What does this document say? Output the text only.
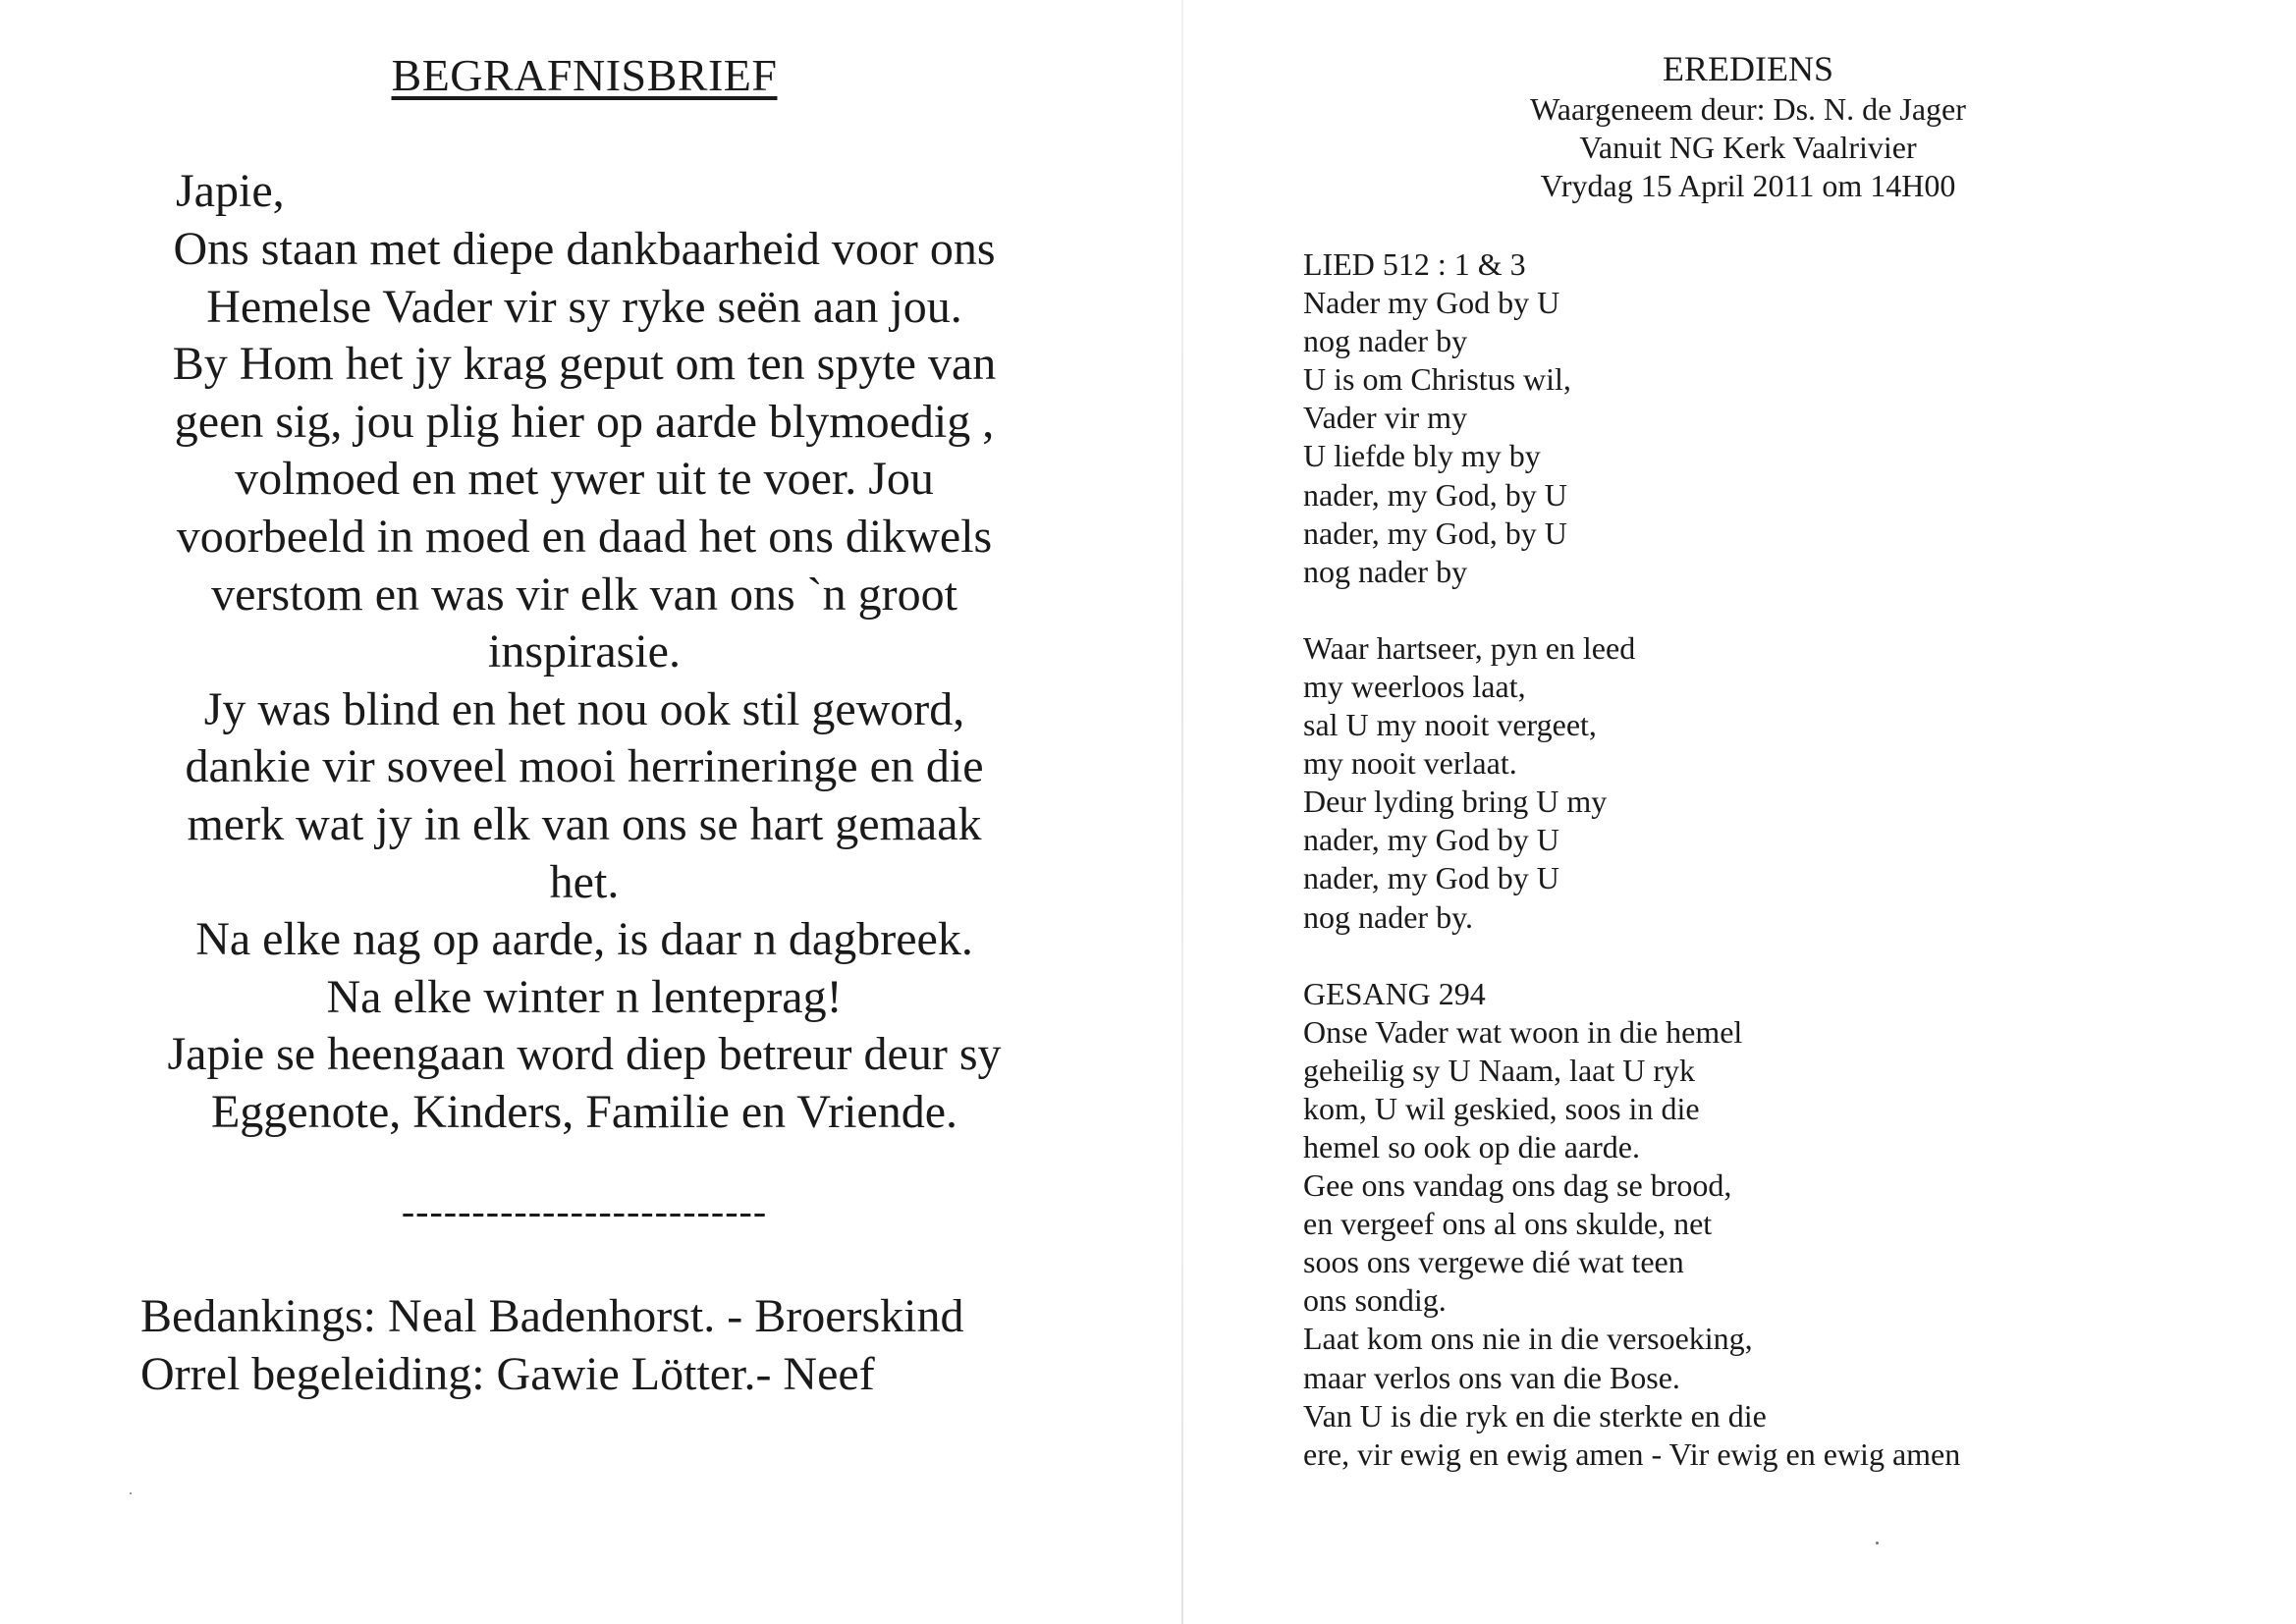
BEGRAFNISBRIEF
Japie,
Ons staan met diepe dankbaarheid voor ons
Hemelse Vader vir sy ryke seën aan jou.
By Hom het jy krag geput om ten spyte van
geen sig, jou plig hier op aarde blymoedig ,
volmoed en met ywer uit te voer. Jou
voorbeeld in moed en daad het ons dikwels
verstom en was vir elk van ons `n groot
inspirasie.
Jy was blind en het nou ook stil geword,
dankie vir soveel mooi herrineringe en die
merk wat jy in elk van ons se hart gemaak
het.
Na elke nag op aarde, is daar n dagbreek.
Na elke winter n lenteprag!
Japie se heengaan word diep betreur deur sy
Eggenote, Kinders, Familie en Vriende.
--------------------------
Bedankings: Neal Badenhorst. - Broerskind
Orrel begeleiding: Gawie Lötter.- Neef
EREDIENS
Waargeneem deur: Ds. N. de Jager
Vanuit NG Kerk Vaalrivier
Vrydag 15 April 2011 om 14H00
LIED 512 : 1 & 3
Nader my God by U
nog nader by
U is om Christus wil,
Vader vir my
U liefde bly my by
nader, my God, by U
nader, my God, by U
nog nader by
Waar hartseer, pyn en leed
my weerloos laat,
sal U my nooit vergeet,
my nooit verlaat.
Deur lyding bring U my
nader, my God by U
nader, my God by U
nog nader by.
GESANG 294
Onse Vader wat woon in die hemel
geheilig sy U Naam, laat U ryk
kom, U wil geskied, soos in die
hemel so ook op die aarde.
Gee ons vandag ons dag se brood,
en vergeef ons al ons skulde, net
soos ons vergewe dié wat teen
ons sondig.
Laat kom ons nie in die versoeking,
maar verlos ons van die Bose.
Van U is die ryk en die sterkte en die
ere, vir ewig en ewig amen - Vir ewig en ewig amen
